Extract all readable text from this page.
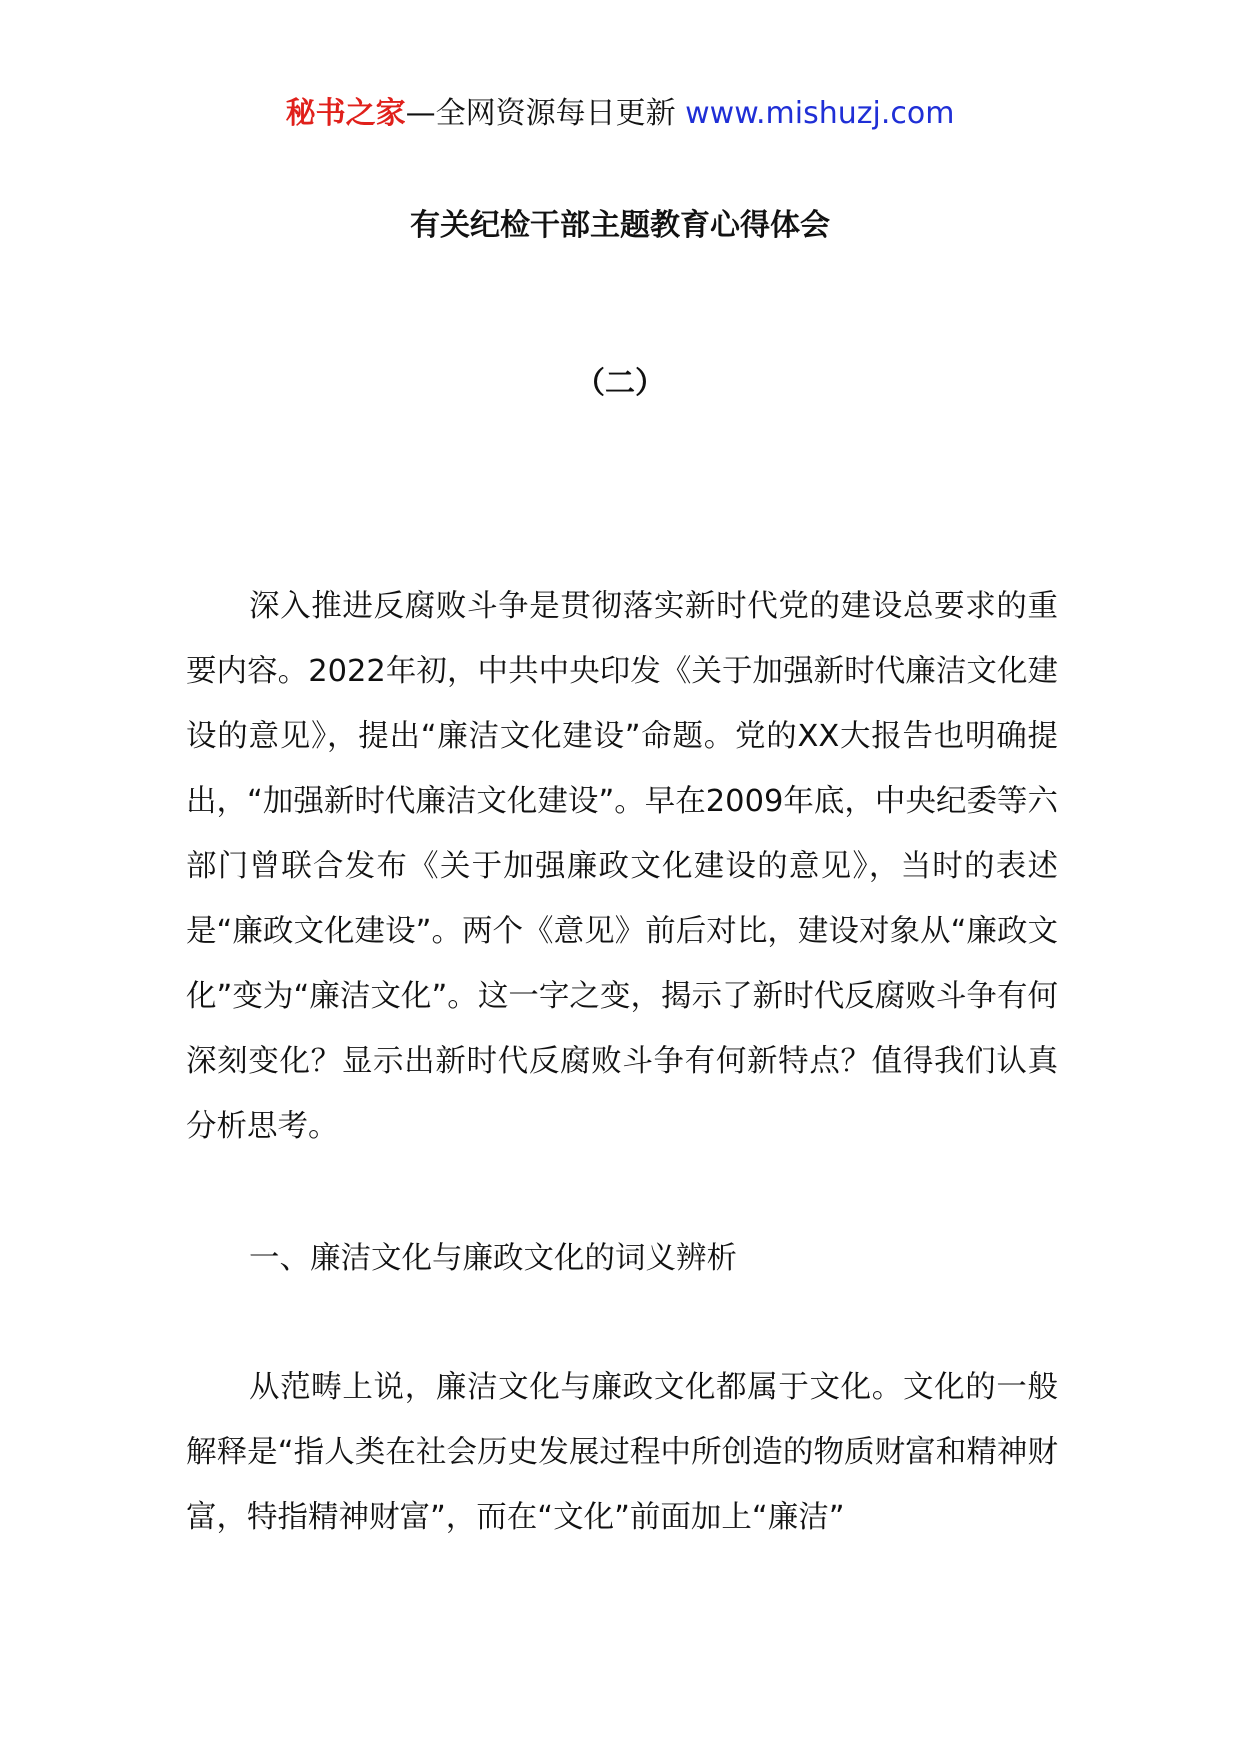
秘书之家—全网资源每日更新 www.mishuzj.com
有关纪检干部主题教育心得体会
（二）

深入推进反腐败斗争是贯彻落实新时代党的建设总要求的重要内容。2022年初，中共中央印发《关于加强新时代廉洁文化建设的意见》，提出“廉洁文化建设”命题。党的XX大报告也明确提出，“加强新时代廉洁文化建设”。早在2009年底，中央纪委等六部门曾联合发布《关于加强廉政文化建设的意见》，当时的表述是“廉政文化建设”。两个《意见》前后对比，建设对象从“廉政文化”变为“廉洁文化”。这一字之变，揭示了新时代反腐败斗争有何深刻变化？显示出新时代反腐败斗争有何新特点？值得我们认真分析思考。

一、廉洁文化与廉政文化的词义辨析

从范畴上说，廉洁文化与廉政文化都属于文化。文化的一般解释是“指人类在社会历史发展过程中所创造的物质财富和精神财富，特指精神财富”，而在“文化”前面加上“廉洁”
